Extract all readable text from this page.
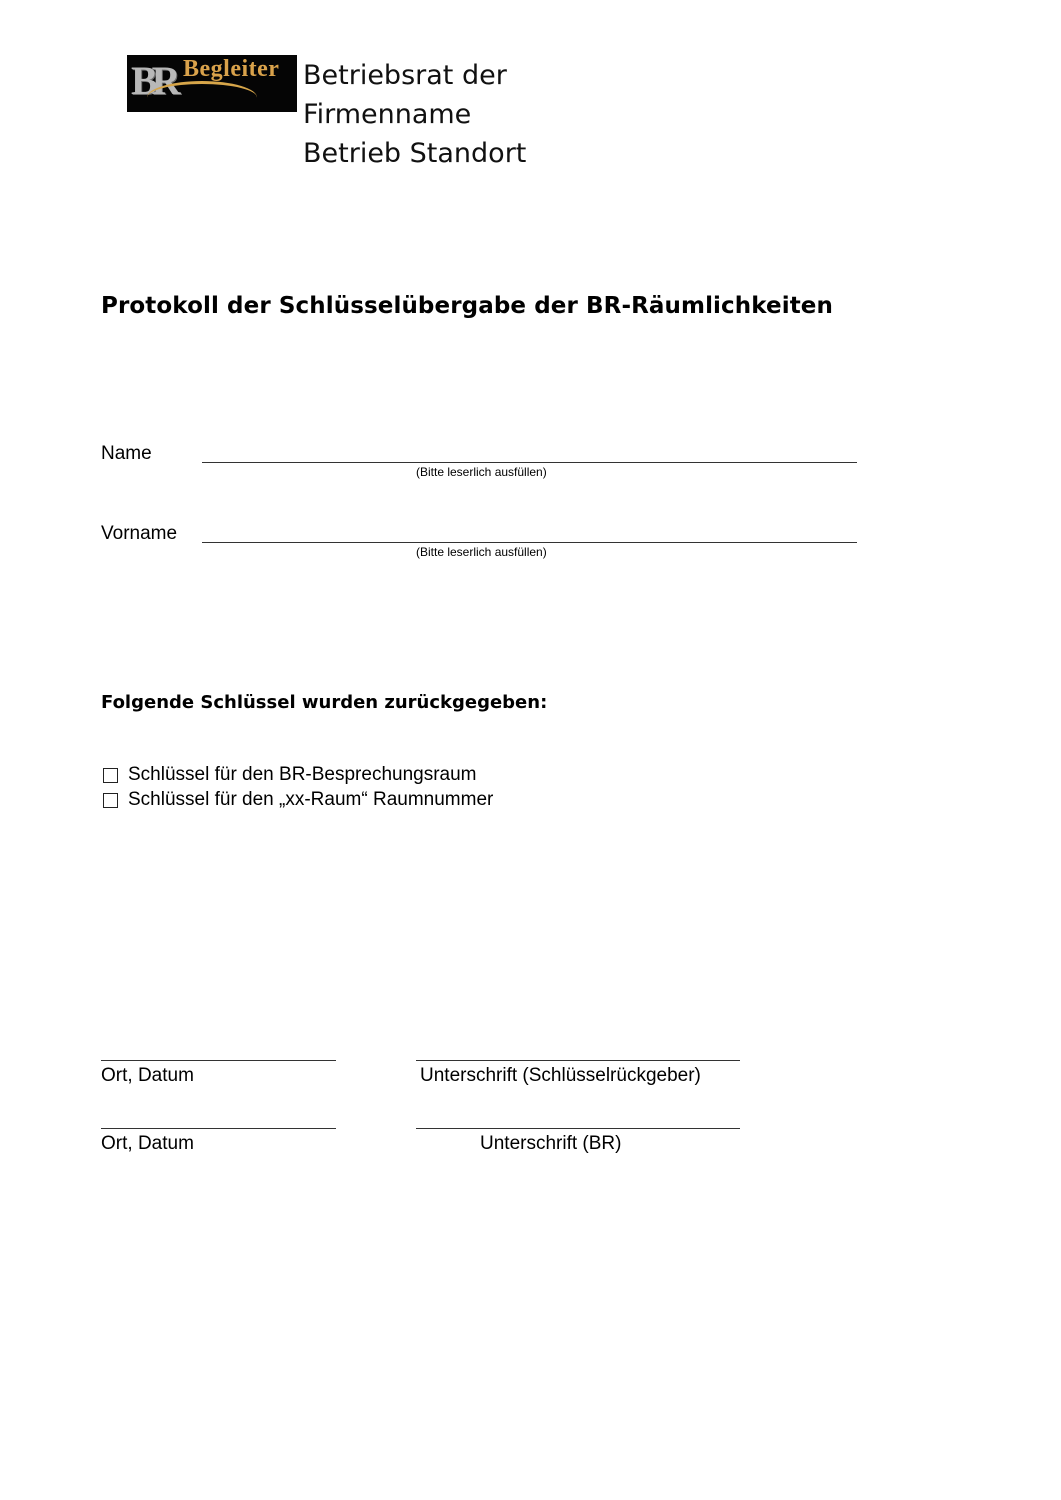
BR Begleiter Betriebsrat der
Firmenname
Betrieb Standort
Protokoll der Schlüsselübergabe der BR-Räumlichkeiten
Name
(Bitte leserlich ausfüllen)
Vorname
(Bitte leserlich ausfüllen)
Folgende Schlüssel wurden zurückgegeben:
Schlüssel für den BR-Besprechungsraum
Schlüssel für den „xx-Raum“ Raumnummer
Ort, Datum	Unterschrift (Schlüsselrückgeber)
Ort, Datum	Unterschrift (BR)
